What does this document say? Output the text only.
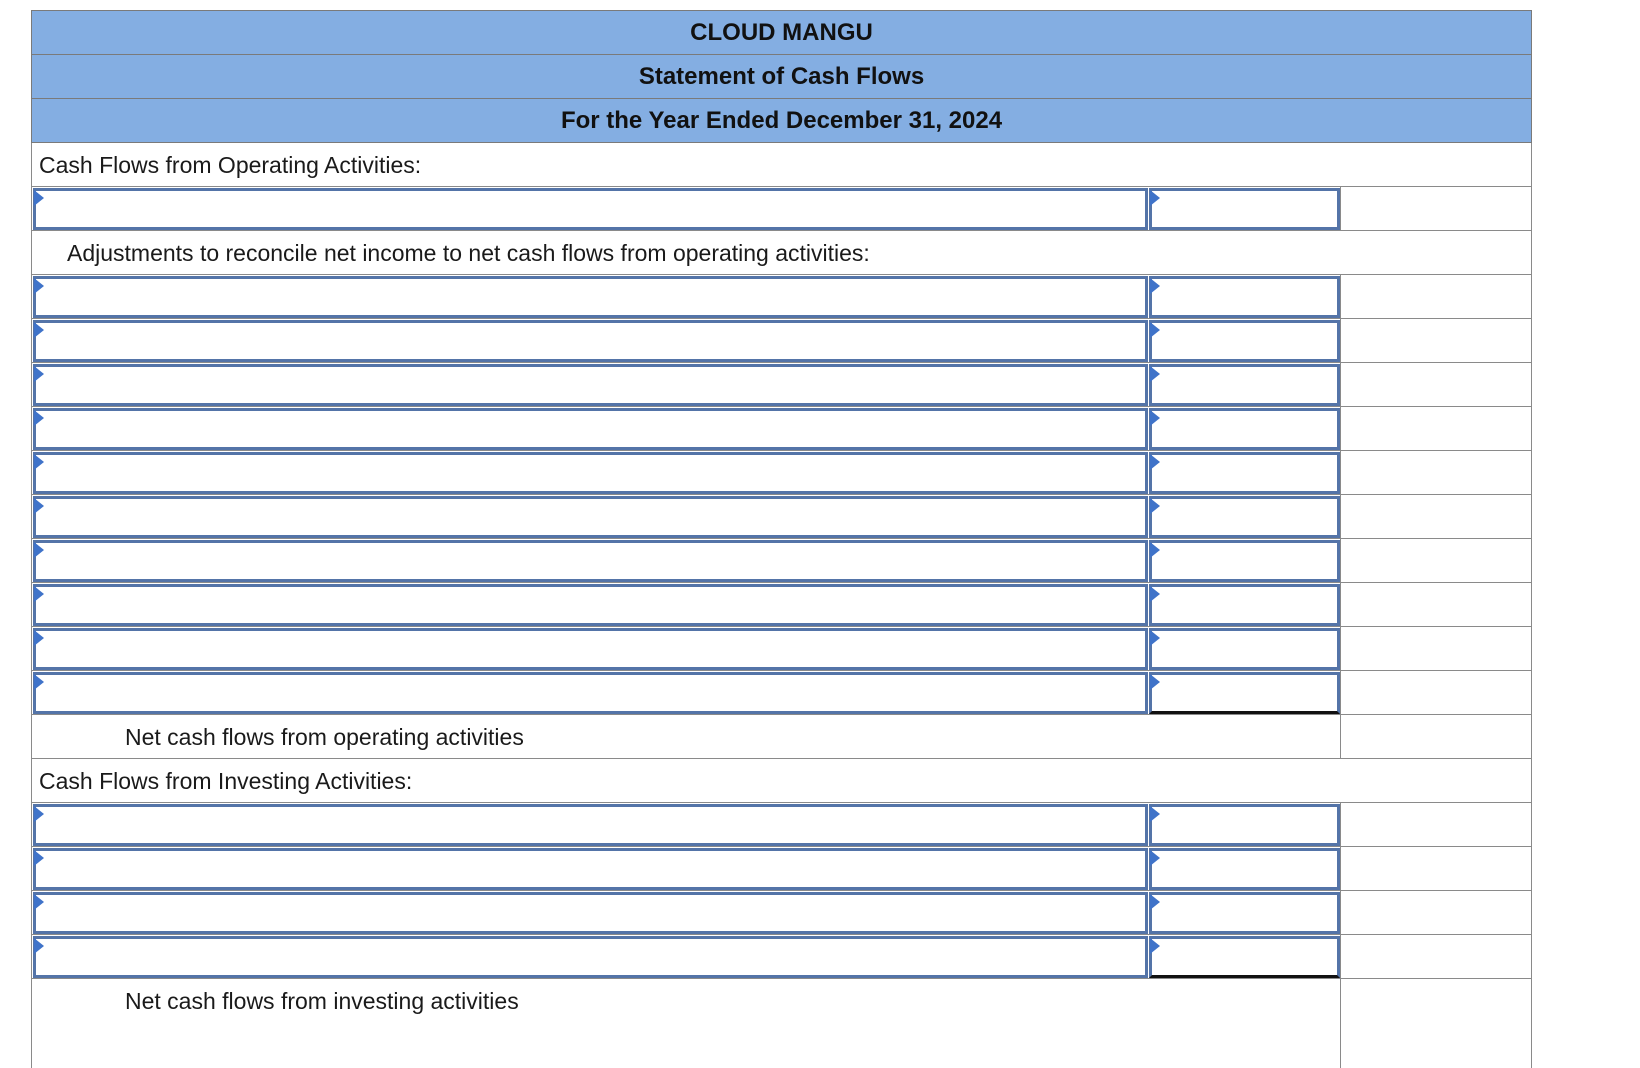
CLOUD MANGU
Statement of Cash Flows
For the Year Ended December 31, 2024
Cash Flows from Operating Activities:
Adjustments to reconcile net income to net cash flows from operating activities:
Net cash flows from operating activities
Cash Flows from Investing Activities:
Net cash flows from investing activities
